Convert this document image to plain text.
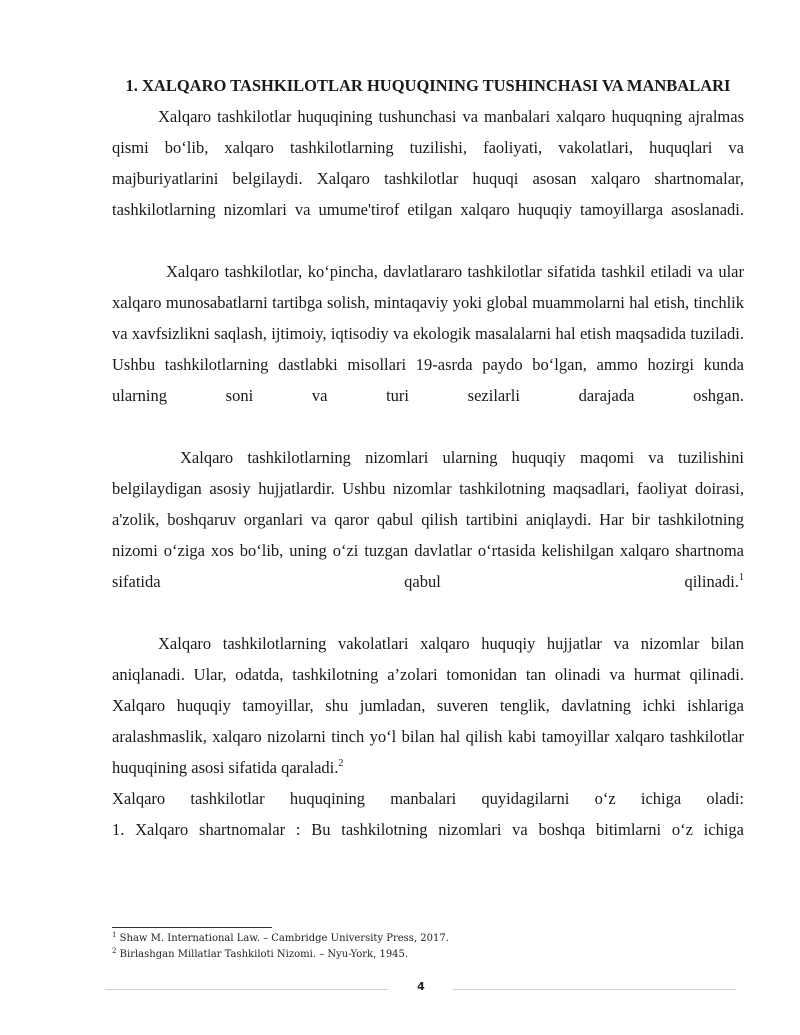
1. XALQARO TASHKILOTLAR HUQUQINING TUSHINCHASI VA MANBALARI

Xalqaro tashkilotlar huquqining tushunchasi va manbalari xalqaro huquqning ajralmas qismi bo‘lib, xalqaro tashkilotlarning tuzilishi, faoliyati, vakolatlari, huquqlari va majburiyatlarini belgilaydi. Xalqaro tashkilotlar huquqi asosan xalqaro shartnomalar, tashkilotlarning nizomlari va umume'tirof etilgan xalqaro huquqiy tamoyillarga asoslanadi.

Xalqaro tashkilotlar, ko‘pincha, davlatlararo tashkilotlar sifatida tashkil etiladi va ular xalqaro munosabatlarni tartibga solish, mintaqaviy yoki global muammolarni hal etish, tinchlik va xavfsizlikni saqlash, ijtimoiy, iqtisodiy va ekologik masalalarni hal etish maqsadida tuziladi. Ushbu tashkilotlarning dastlabki misollari 19-asrda paydo bo‘lgan, ammo hozirgi kunda ularning soni va turi sezilarli darajada oshgan.

Xalqaro tashkilotlarning nizomlari ularning huquqiy maqomi va tuzilishini belgilaydigan asosiy hujjatlardir. Ushbu nizomlar tashkilotning maqsadlari, faoliyat doirasi, a'zolik, boshqaruv organlari va qaror qabul qilish tartibini aniqlaydi. Har bir tashkilotning nizomi o‘ziga xos bo‘lib, uning o‘zi tuzgan davlatlar o‘rtasida kelishilgan xalqaro shartnoma sifatida qabul qilinadi.$^1$

Xalqaro tashkilotlarning vakolatlari xalqaro huquqiy hujjatlar va nizomlar bilan aniqlanadi. Ular, odatda, tashkilotning a’zolari tomonidan tan olinadi va hurmat qilinadi. Xalqaro huquqiy tamoyillar, shu jumladan, suveren tenglik, davlatning ichki ishlariga aralashmaslik, xalqaro nizolarni tinch yo‘l bilan hal qilish kabi tamoyillar xalqaro tashkilotlar huquqining asosi sifatida qaraladi.$^2$

Xalqaro tashkilotlar huquqining manbalari quyidagilarni o‘z ichiga oladi:

1. Xalqaro shartnomalar : Bu tashkilotning nizomlari va boshqa bitimlarni o‘z ichiga

$^1$ Shaw M. International Law. – Cambridge University Press, 2017.
$^2$ Birlashgan Millatlar Tashkiloti Nizomi. – Nyu-York, 1945.
4
